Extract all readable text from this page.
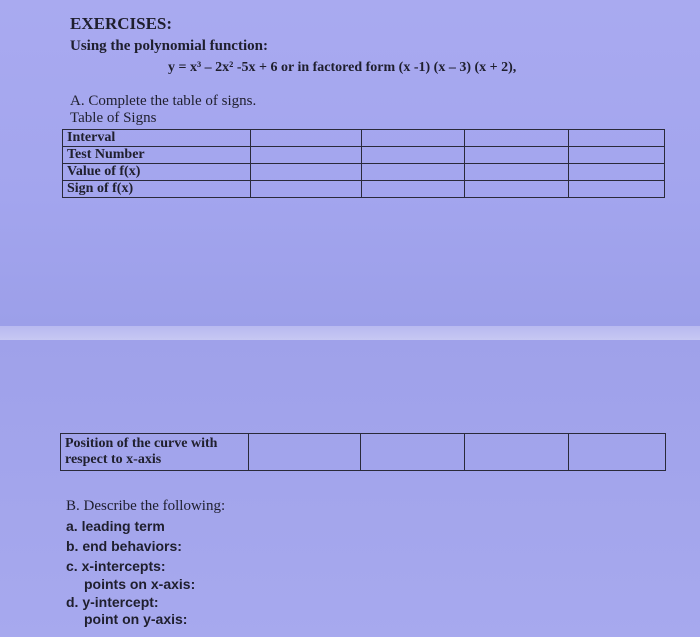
EXERCISES:
Using the polynomial function:
y = x³ – 2x² -5x + 6 or in factored form (x -1) (x – 3) (x + 2),
A. Complete the table of signs.
Table of Signs
Interval				
Test Number				
Value of f(x)				
Sign of f(x)				
Position of the curve with
respect to x-axis				
B. Describe the following:
a. leading term
b. end behaviors:
c. x-intercepts:
points on x-axis:
d. y-intercept:
point on y-axis:
